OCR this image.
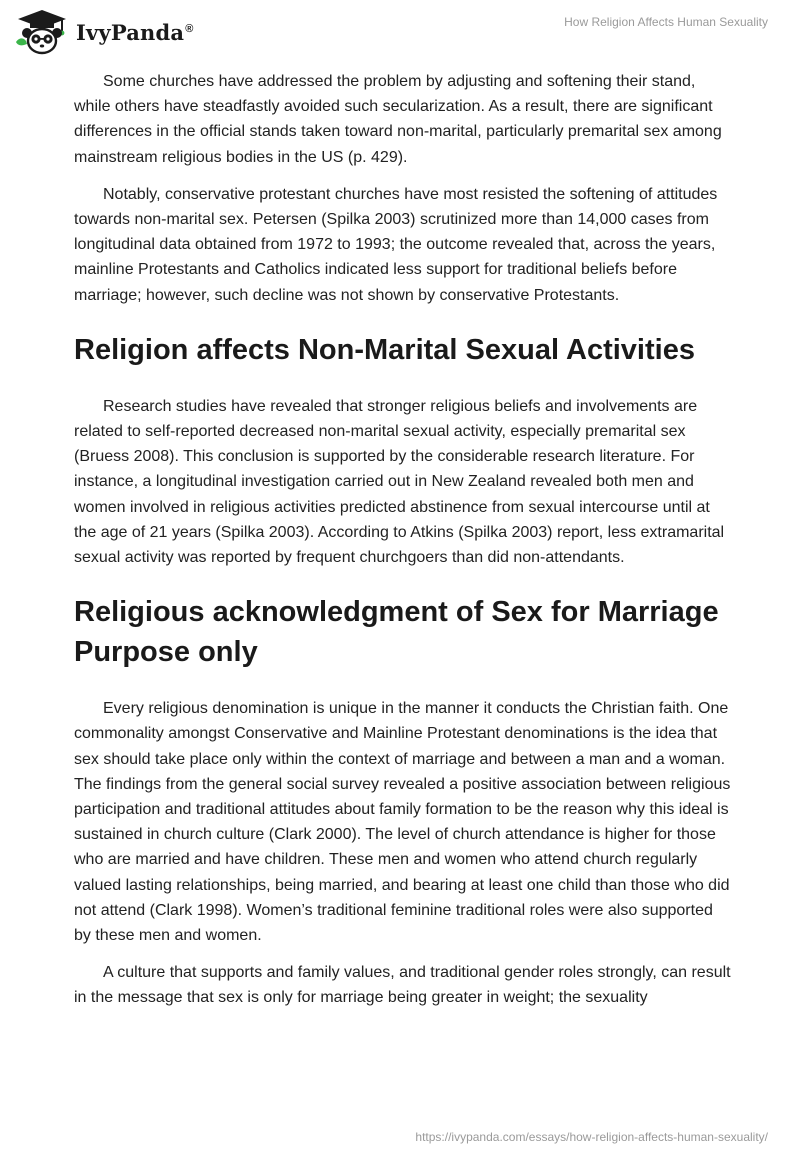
IvyPanda®	How Religion Affects Human Sexuality

Some churches have addressed the problem by adjusting and softening their stand, while others have steadfastly avoided such secularization. As a result, there are significant differences in the official stands taken toward non-marital, particularly premarital sex among mainstream religious bodies in the US (p. 429).

Notably, conservative protestant churches have most resisted the softening of attitudes towards non-marital sex. Petersen (Spilka 2003) scrutinized more than 14,000 cases from longitudinal data obtained from 1972 to 1993; the outcome revealed that, across the years, mainline Protestants and Catholics indicated less support for traditional beliefs before marriage; however, such decline was not shown by conservative Protestants.

Religion affects Non-Marital Sexual Activities

Research studies have revealed that stronger religious beliefs and involvements are related to self-reported decreased non-marital sexual activity, especially premarital sex (Bruess 2008). This conclusion is supported by the considerable research literature. For instance, a longitudinal investigation carried out in New Zealand revealed both men and women involved in religious activities predicted abstinence from sexual intercourse until at the age of 21 years (Spilka 2003). According to Atkins (Spilka 2003) report, less extramarital sexual activity was reported by frequent churchgoers than did non-attendants.

Religious acknowledgment of Sex for Marriage Purpose only

Every religious denomination is unique in the manner it conducts the Christian faith. One commonality amongst Conservative and Mainline Protestant denominations is the idea that sex should take place only within the context of marriage and between a man and a woman. The findings from the general social survey revealed a positive association between religious participation and traditional attitudes about family formation to be the reason why this ideal is sustained in church culture (Clark 2000). The level of church attendance is higher for those who are married and have children. These men and women who attend church regularly valued lasting relationships, being married, and bearing at least one child than those who did not attend (Clark 1998). Women’s traditional feminine traditional roles were also supported by these men and women.

A culture that supports and family values, and traditional gender roles strongly, can result in the message that sex is only for marriage being greater in weight; the sexuality

https://ivypanda.com/essays/how-religion-affects-human-sexuality/
